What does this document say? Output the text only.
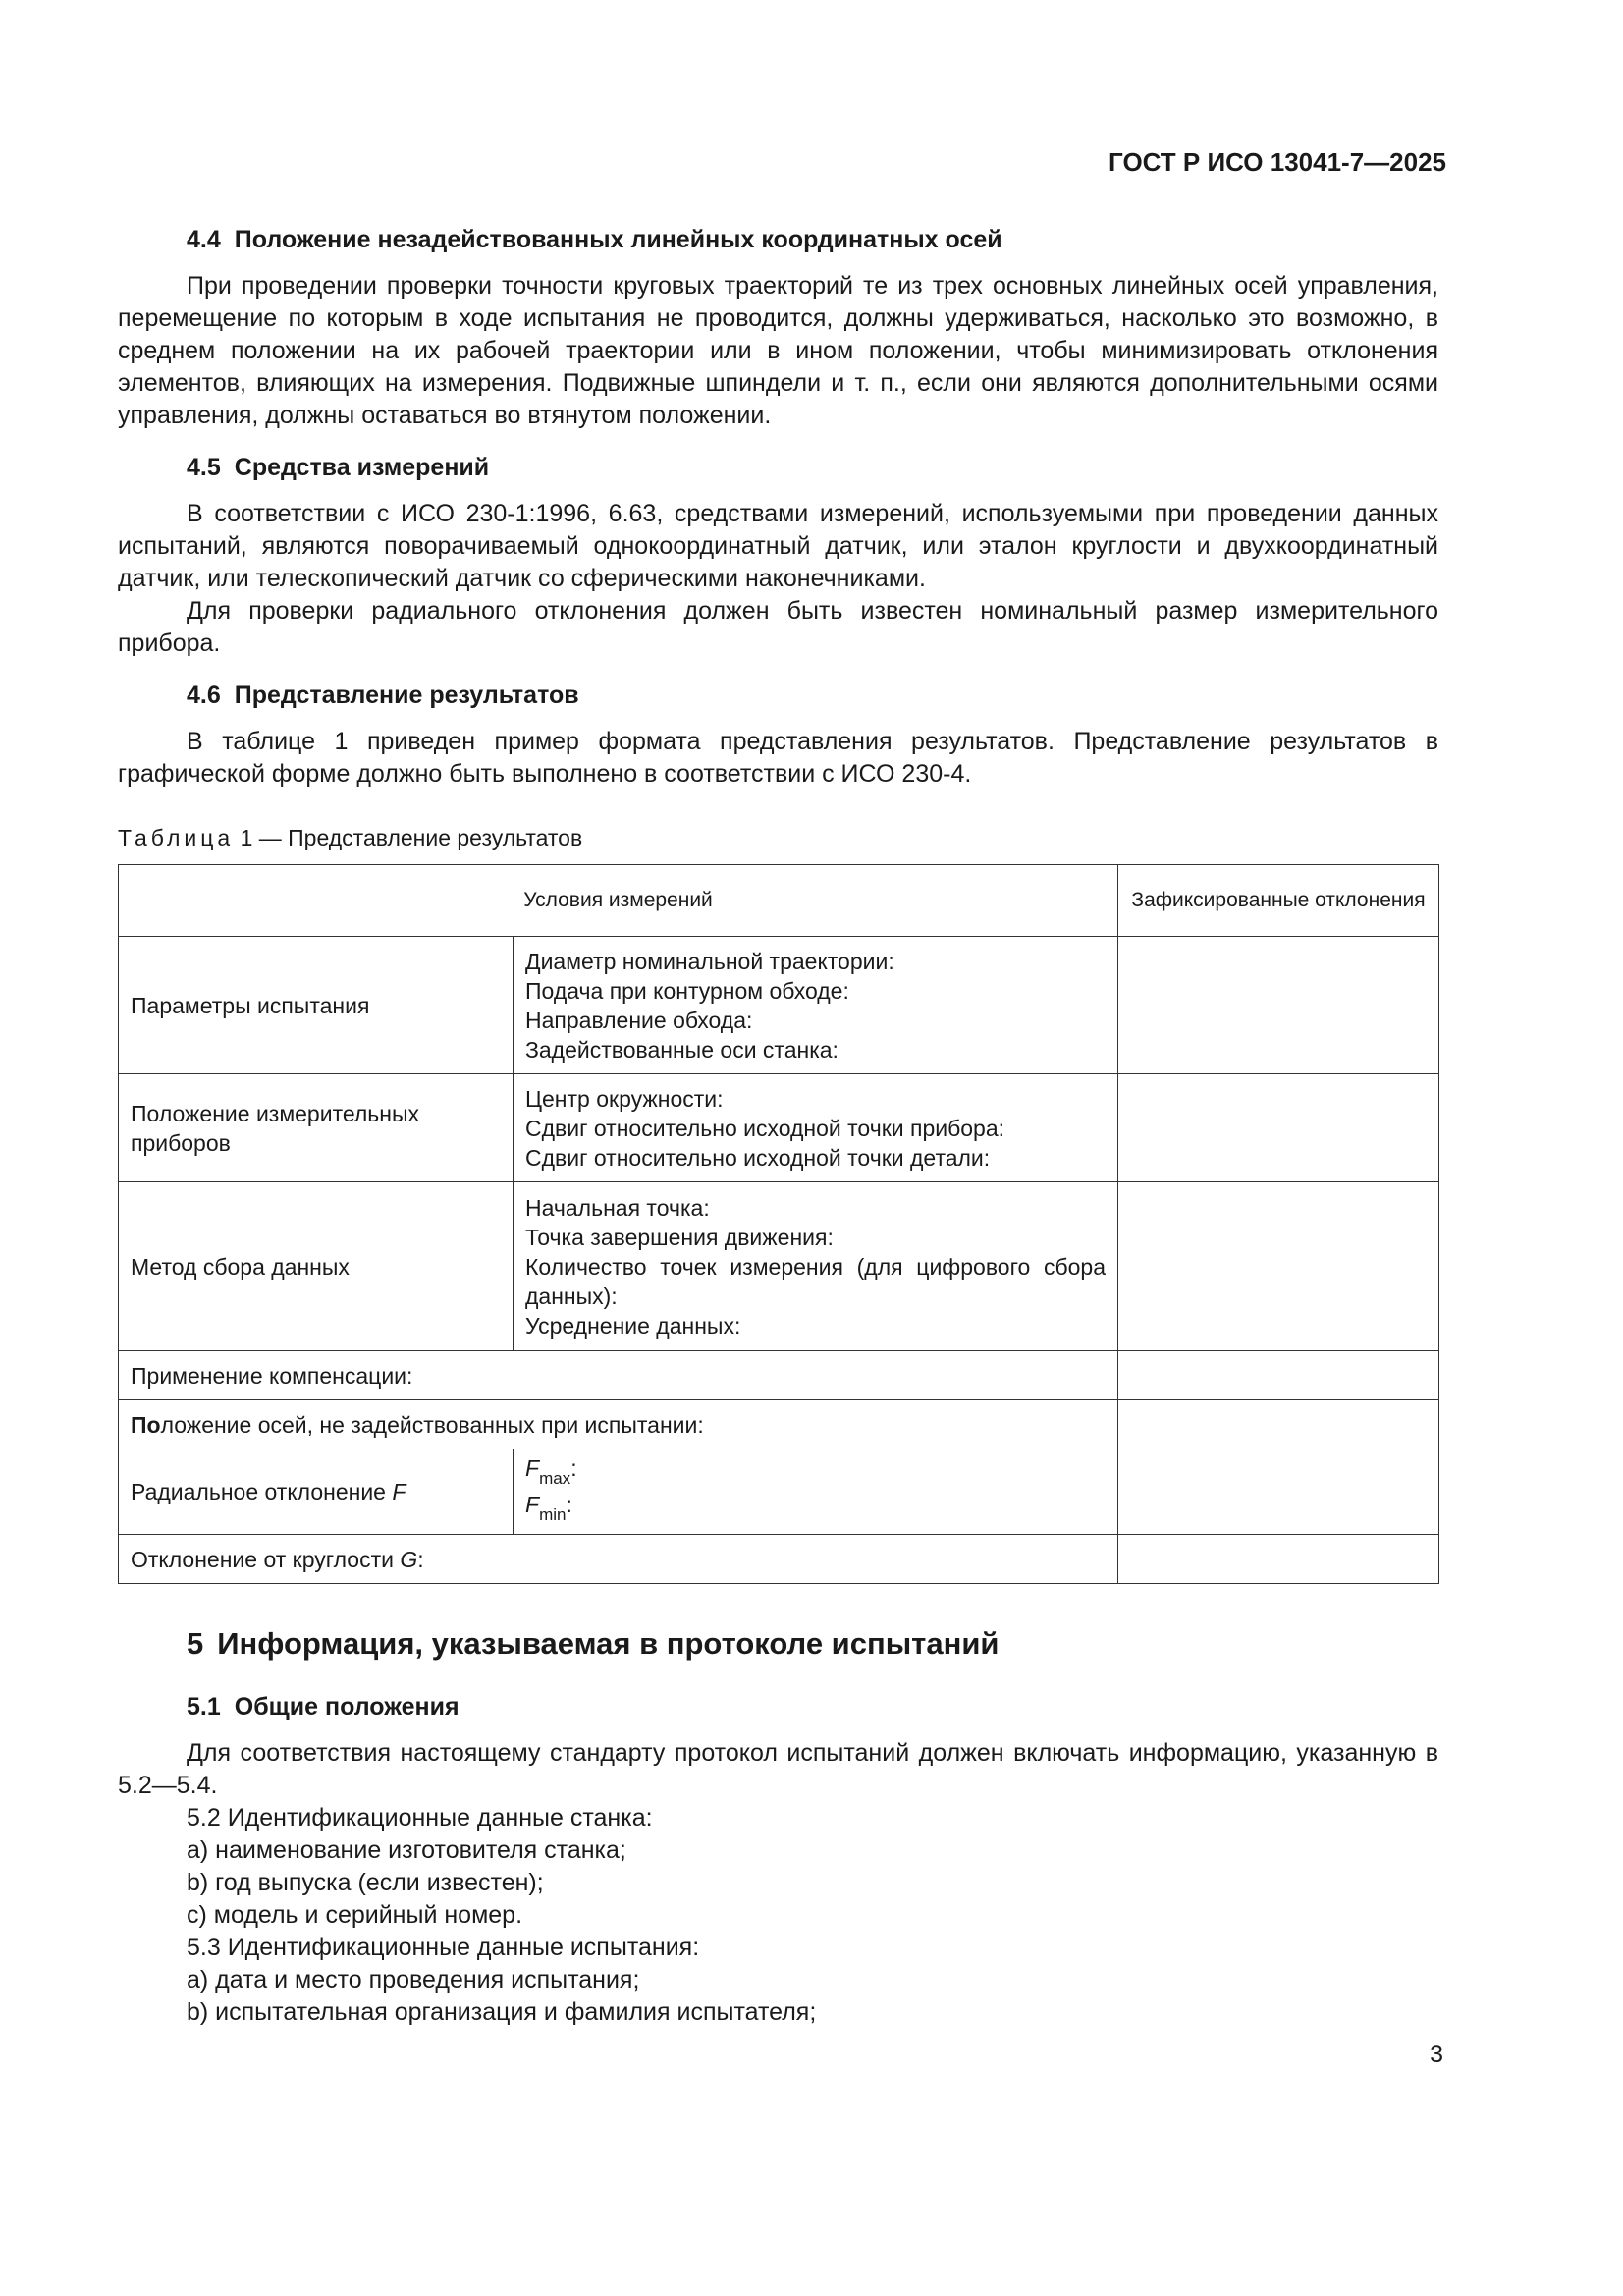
ГОСТ Р ИСО 13041-7—2025
4.4 Положение незадействованных линейных координатных осей

При проведении проверки точности круговых траекторий те из трех основных линейных осей управления, перемещение по которым в ходе испытания не проводится, должны удерживаться, насколько это возможно, в среднем положении на их рабочей траектории или в ином положении, чтобы минимизировать отклонения элементов, влияющих на измерения. Подвижные шпиндели и т. п., если они являются дополнительными осями управления, должны оставаться во втянутом положении.

4.5 Средства измерений

В соответствии с ИСО 230-1:1996, 6.63, средствами измерений, используемыми при проведении данных испытаний, являются поворачиваемый однокоординатный датчик, или эталон круглости и двухкоординатный датчик, или телескопический датчик со сферическими наконечниками.

Для проверки радиального отклонения должен быть известен номинальный размер измерительного прибора.

4.6 Представление результатов

В таблице 1 приведен пример формата представления результатов. Представление результатов в графической форме должно быть выполнено в соответствии с ИСО 230-4.

Таблица 1 — Представление результатов
Условия измерений		Зафиксированные отклонения
Параметры испытания	Диаметр номинальной траектории:
Подача при контурном обходе:
Направление обхода:
Задействованные оси станка:	

Положение измерительных приборов	Центр окружности:
Сдвиг относительно исходной точки прибора:
Сдвиг относительно исходной точки детали:	

Метод сбора данных	Начальная точка:
Точка завершения движения:
Количество точек измерения (для цифрового сбора данных):
Усреднение данных:	

Применение компенсации:		
Положение осей, не задействованных при испытании:		
Радиальное отклонение F	$F_{max}$:
$F_{min}$:	

Отклонение от круглости G:		
5 Информация, указываемая в протоколе испытаний
5.1 Общие положения

Для соответствия настоящему стандарту протокол испытаний должен включать информацию, указанную в 5.2—5.4.

5.2 Идентификационные данные станка:
a) наименование изготовителя станка;
b) год выпуска (если известен);
c) модель и серийный номер.
5.3 Идентификационные данные испытания:
a) дата и место проведения испытания;
b) испытательная организация и фамилия испытателя;
3
